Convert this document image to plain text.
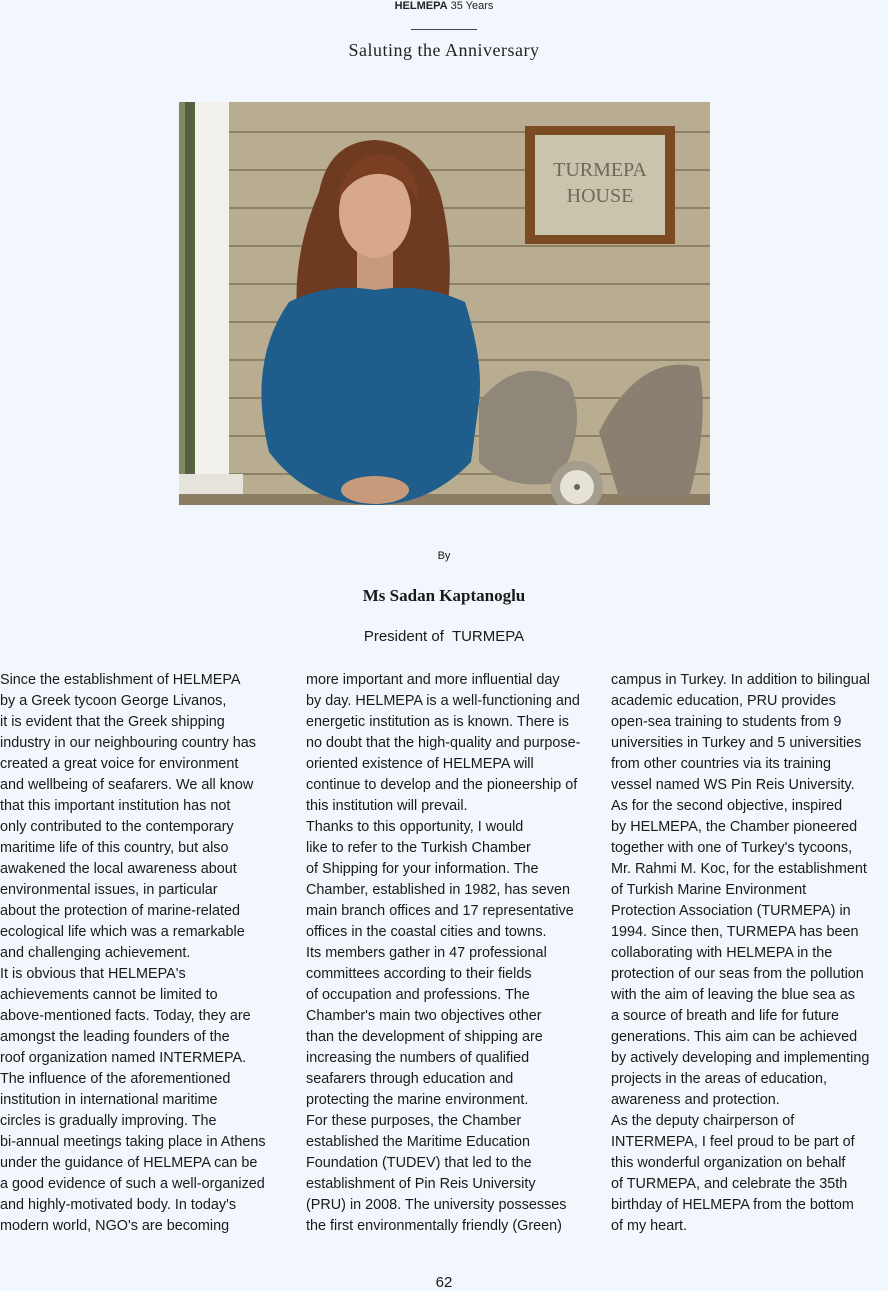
HELMEPA 35 Years
Saluting the Anniversary
TURMEPA
HOUSE
By
Ms Sadan Kaptanoglu
President of  TURMEPA
Since the establishment of HELMEPA
by a Greek tycoon George Livanos,
it is evident that the Greek shipping
industry in our neighbouring country has
created a great voice for environment
and wellbeing of seafarers. We all know
that this important institution has not
only contributed to the contemporary
maritime life of this country, but also
awakened the local awareness about
environmental issues, in particular
about the protection of marine-related
ecological life which was a remarkable
and challenging achievement.
It is obvious that HELMEPA's
achievements cannot be limited to
above-mentioned facts. Today, they are
amongst the leading founders of the
roof organization named INTERMEPA.
The influence of the aforementioned
institution in international maritime
circles is gradually improving. The
bi-annual meetings taking place in Athens
under the guidance of HELMEPA can be
a good evidence of such a well-organized
and highly-motivated body. In today's
modern world, NGO's are becoming
more important and more influential day
by day. HELMEPA is a well-functioning and
energetic institution as is known. There is
no doubt that the high-quality and purpose-
oriented existence of HELMEPA will
continue to develop and the pioneership of
this institution will prevail.
Thanks to this opportunity, I would
like to refer to the Turkish Chamber
of Shipping for your information. The
Chamber, established in 1982, has seven
main branch offices and 17 representative
offices in the coastal cities and towns.
Its members gather in 47 professional
committees according to their fields
of occupation and professions. The
Chamber's main two objectives other
than the development of shipping are
increasing the numbers of qualified
seafarers through education and
protecting the marine environment.
For these purposes, the Chamber
established the Maritime Education
Foundation (TUDEV) that led to the
establishment of Pin Reis University
(PRU) in 2008. The university possesses
the first environmentally friendly (Green)
campus in Turkey. In addition to bilingual
academic education, PRU provides
open-sea training to students from 9
universities in Turkey and 5 universities
from other countries via its training
vessel named WS Pin Reis University.
As for the second objective, inspired
by HELMEPA, the Chamber pioneered
together with one of Turkey's tycoons,
Mr. Rahmi M. Koc, for the establishment
of Turkish Marine Environment
Protection Association (TURMEPA) in
1994. Since then, TURMEPA has been
collaborating with HELMEPA in the
protection of our seas from the pollution
with the aim of leaving the blue sea as
a source of breath and life for future
generations. This aim can be achieved
by actively developing and implementing
projects in the areas of education,
awareness and protection.
As the deputy chairperson of
INTERMEPA, I feel proud to be part of
this wonderful organization on behalf
of TURMEPA, and celebrate the 35th
birthday of HELMEPA from the bottom
of my heart.
62
